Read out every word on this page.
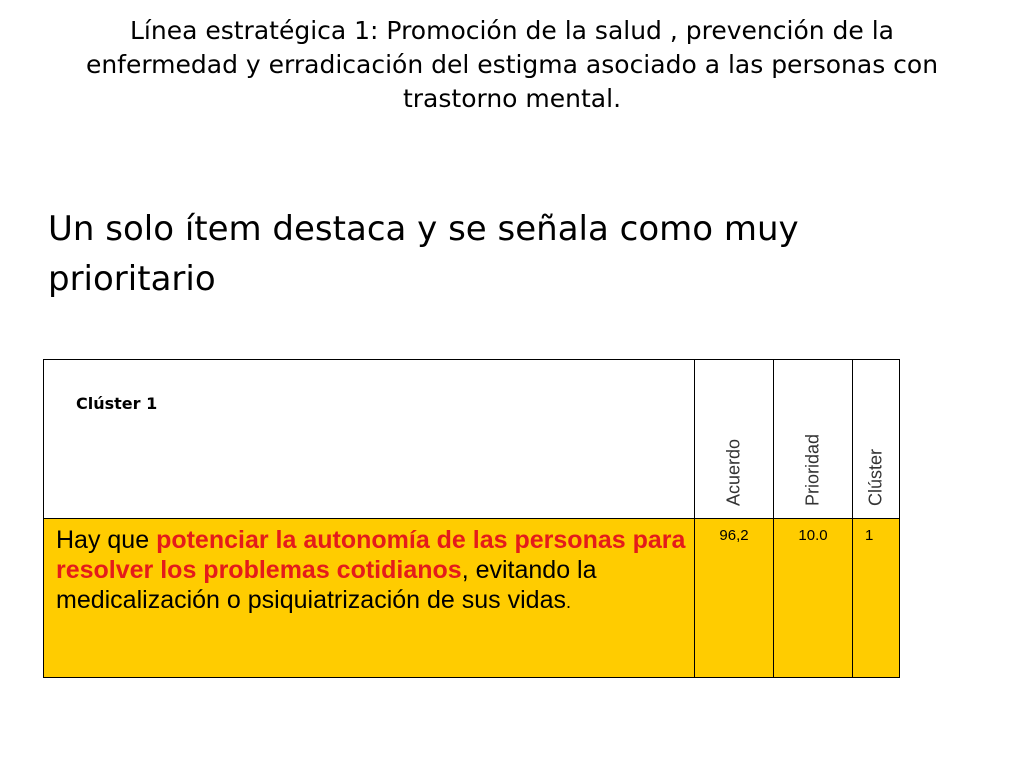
Línea estratégica 1: Promoción de la salud , prevención de la enfermedad y erradicación del estigma asociado a las personas con trastorno mental.
Un solo ítem destaca y se señala como muy prioritario
Clúster 1	Acuerdo	Prioridad	Clúster

Hay que potenciar la autonomía de las personas para resolver los problemas cotidianos, evitando la medicalización o psiquiatrización de sus vidas.	96,2	10.0	1
